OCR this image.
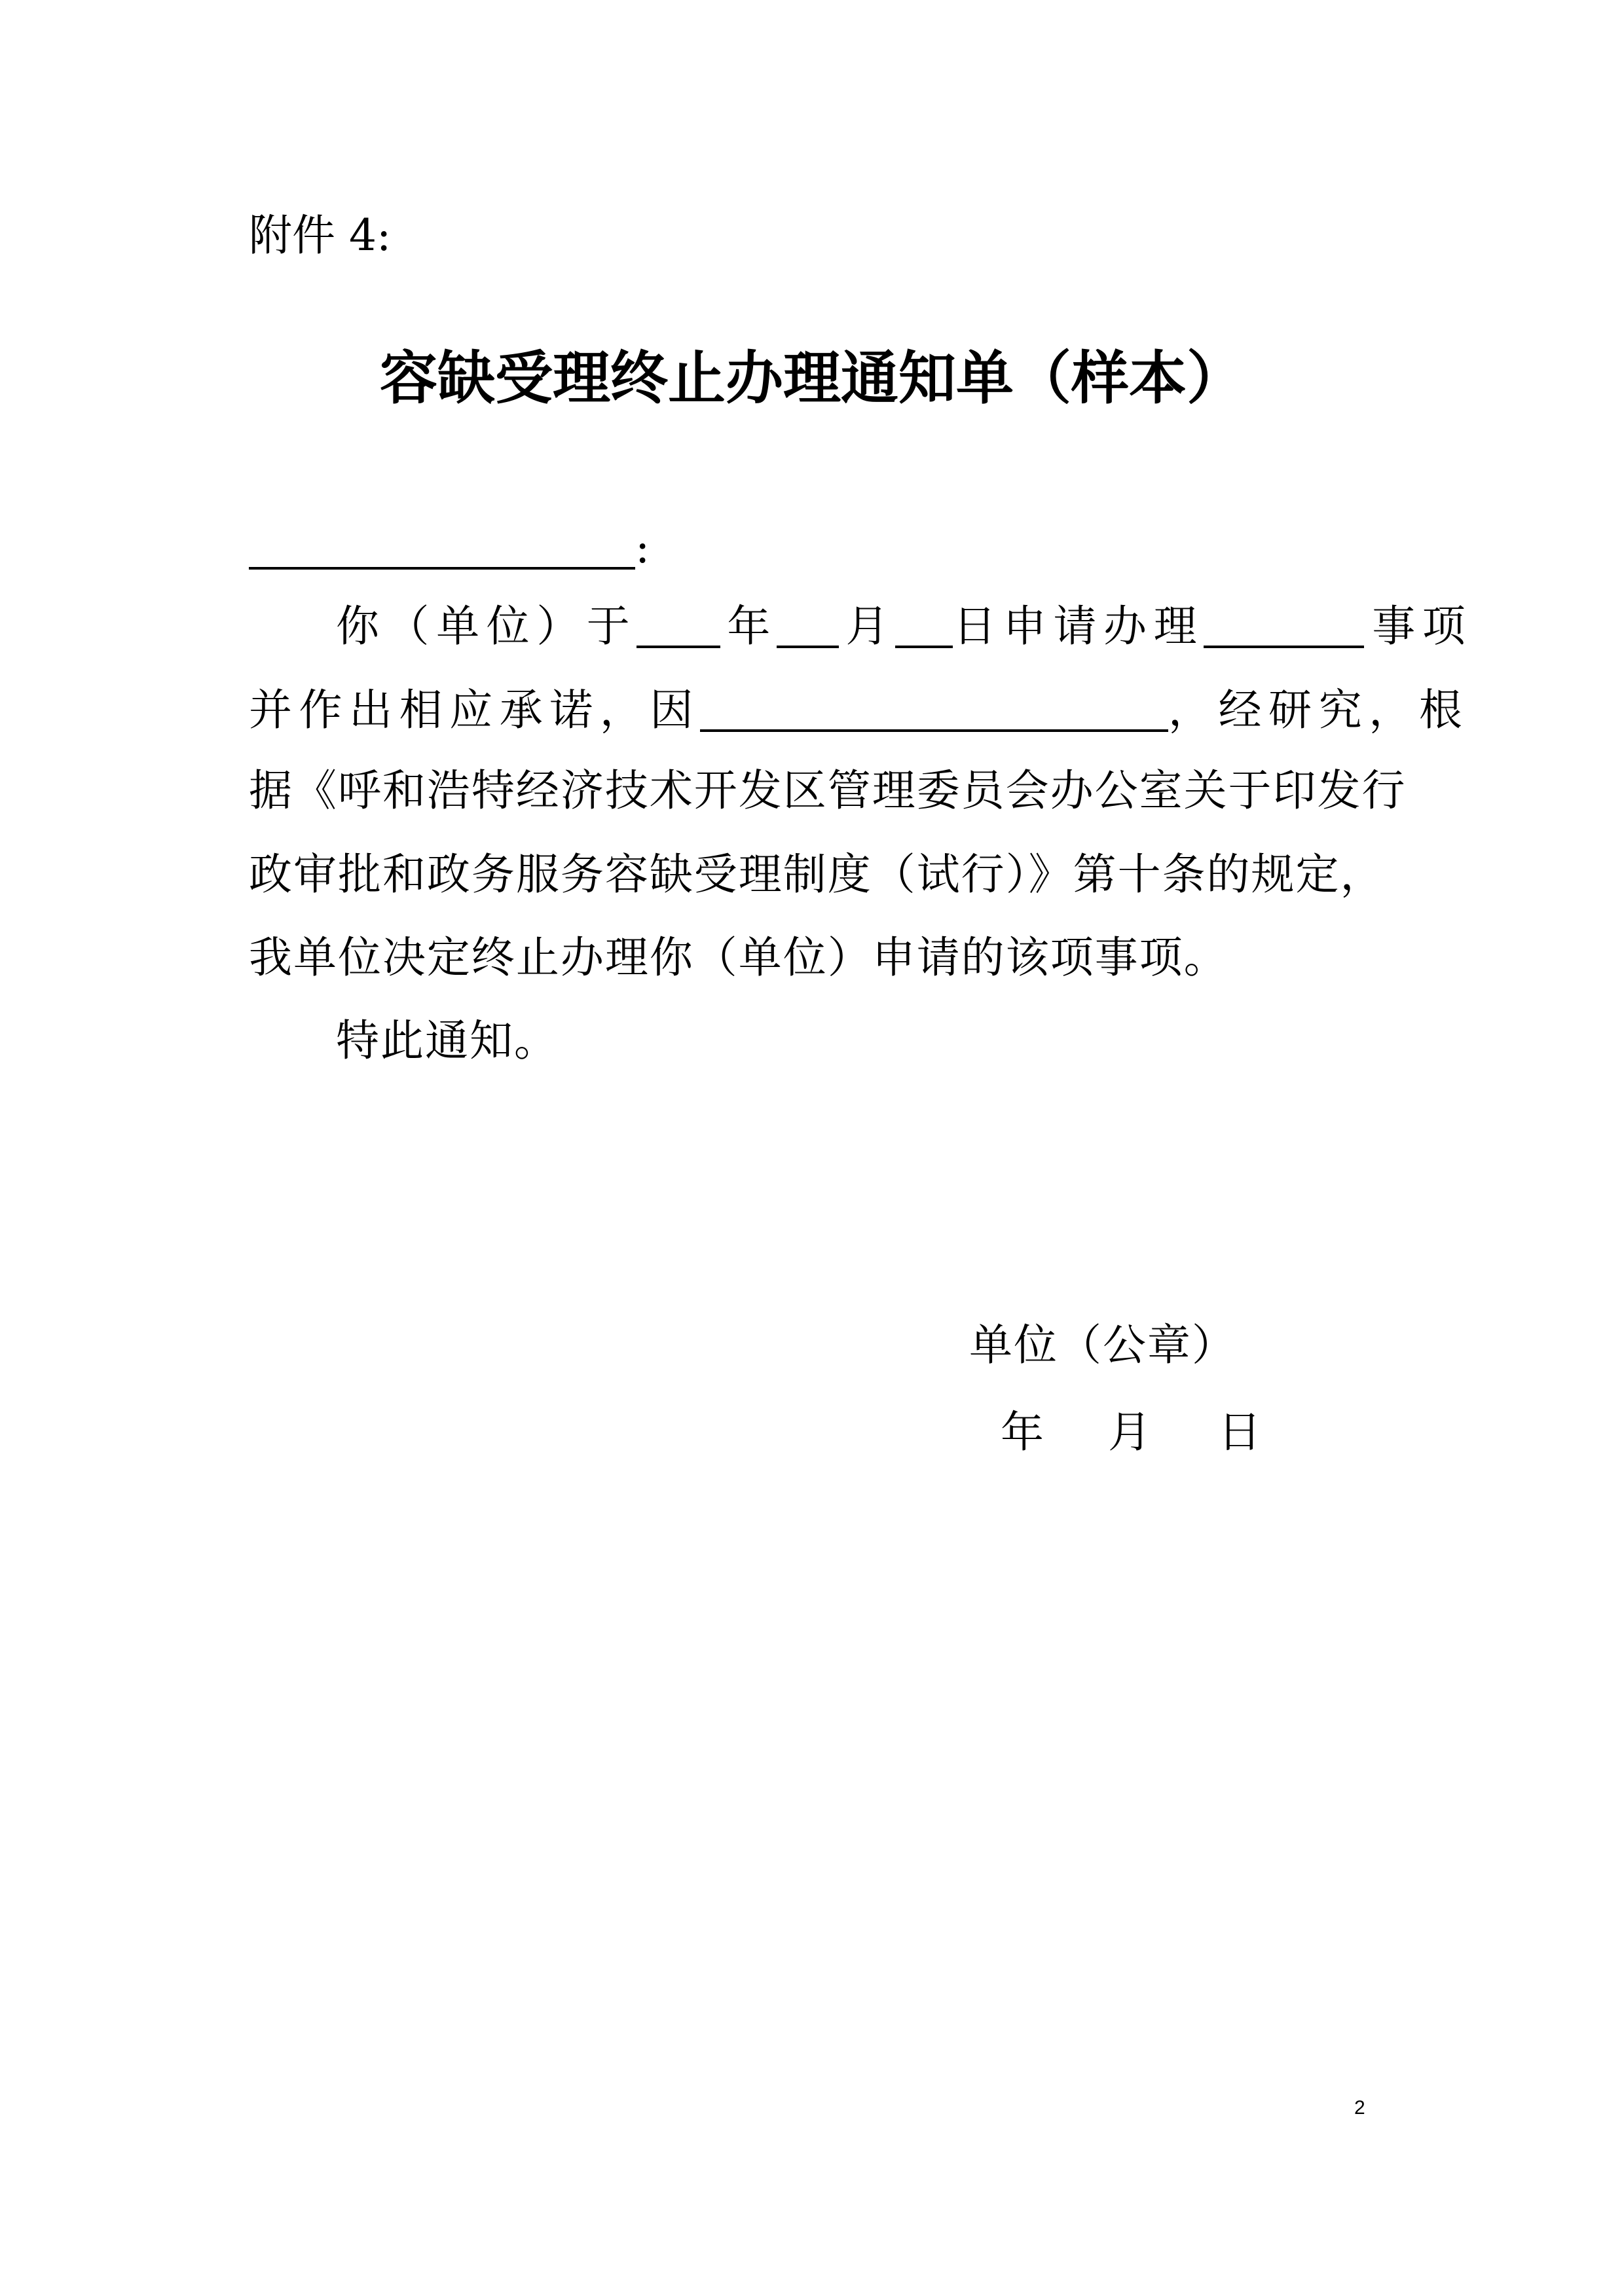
附件 4:
容缺受理终止办理通知单（样本）
:
你（单位）于 年 月 日申请办理	事项
并作出相应承诺，因	，经研究，根
据《呼和浩特经济技术开发区管理委员会办公室关于印发行
政审批和政务服务容缺受理制度（试行）》第十条的规定，
我单位决定终止办理你（单位）申请的该项事项。
特此通知。
单位（公章）
年 月 日
2
